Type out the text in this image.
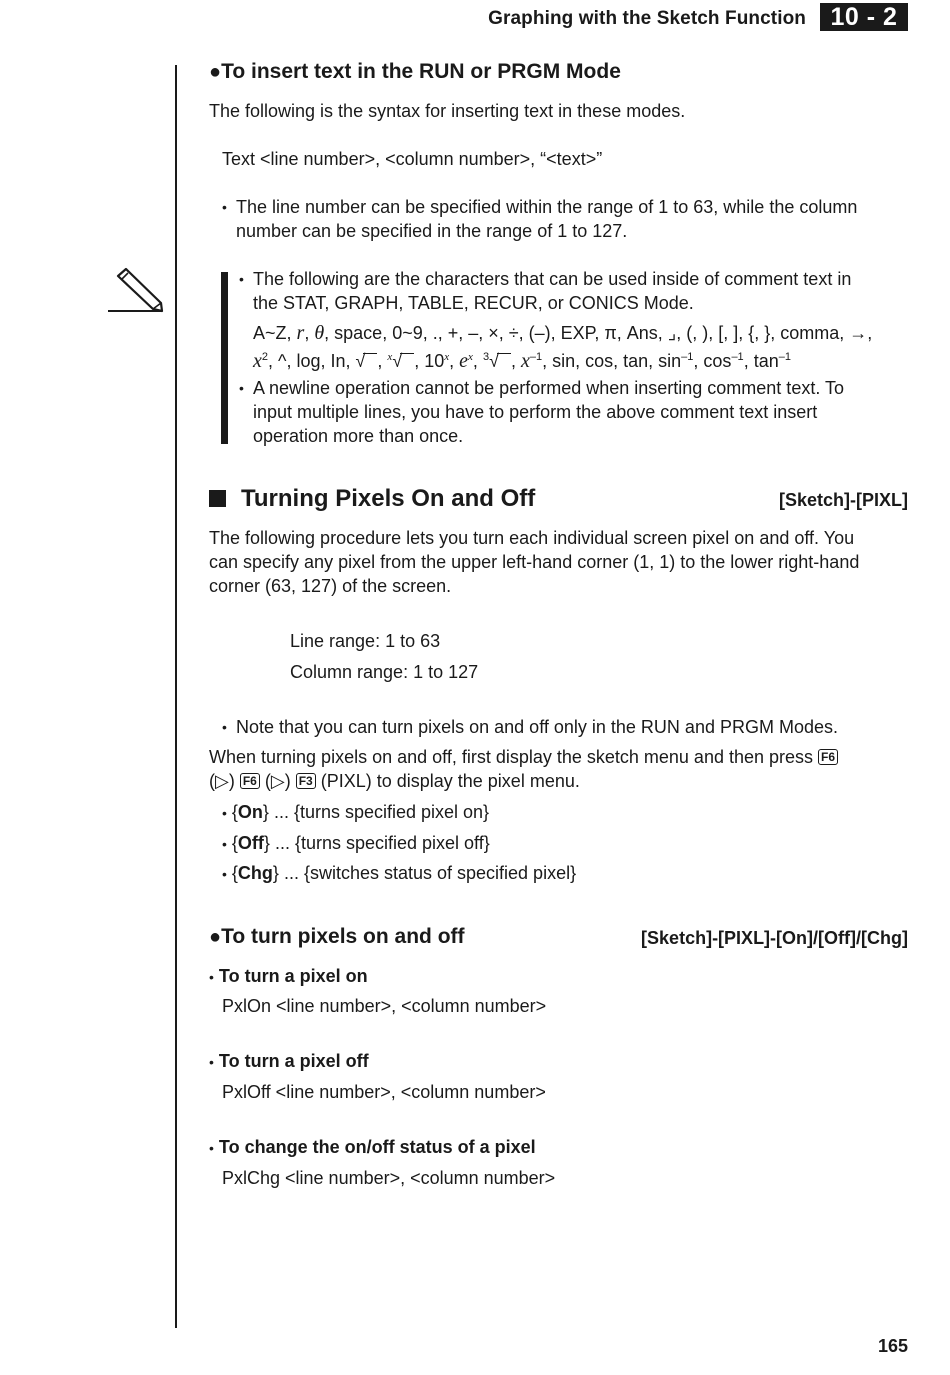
Graphing with the Sketch Function 10 - 2
●To insert text in the RUN or PRGM Mode
The following is the syntax for inserting text in these modes.
Text <line number>, <column number>, “<text>”
• The line number can be specified within the range of 1 to 63, while the column
number can be specified in the range of 1 to 127.
• The following are the characters that can be used inside of comment text in
the STAT, GRAPH, TABLE, RECUR, or CONICS Mode.
A~Z, r, θ, space, 0~9, ., +, –, ×, ÷, (–), EXP, π, Ans, ⌟, (, ), [, ], {, }, comma, →,
$x^2$, ^, log, In, √ , $^x$√ , 10$^x$, $e^x$, $^3$√ , $x^{-1}$, sin, cos, tan, $\sin^{-1}$, $\cos^{-1}$, $\tan^{-1}$
• A newline operation cannot be performed when inserting comment text. To
input multiple lines, you have to perform the above comment text insert
operation more than once.
Turning Pixels On and Off	[Sketch]-[PIXL]
The following procedure lets you turn each individual screen pixel on and off. You
can specify any pixel from the upper left-hand corner (1, 1) to the lower right-hand
corner (63, 127) of the screen.
Line range: 1 to 63
Column range: 1 to 127
• Note that you can turn pixels on and off only in the RUN and PRGM Modes.
When turning pixels on and off, first display the sketch menu and then press F6
(▷) F6 (▷) F3 (PIXL) to display the pixel menu.
• {On} ... {turns specified pixel on}
• {Off} ... {turns specified pixel off}
• {Chg} ... {switches status of specified pixel}
●To turn pixels on and off	[Sketch]-[PIXL]-[On]/[Off]/[Chg]
• To turn a pixel on
PxlOn <line number>, <column number>
• To turn a pixel off
PxlOff <line number>, <column number>
• To change the on/off status of a pixel
PxlChg <line number>, <column number>
165
